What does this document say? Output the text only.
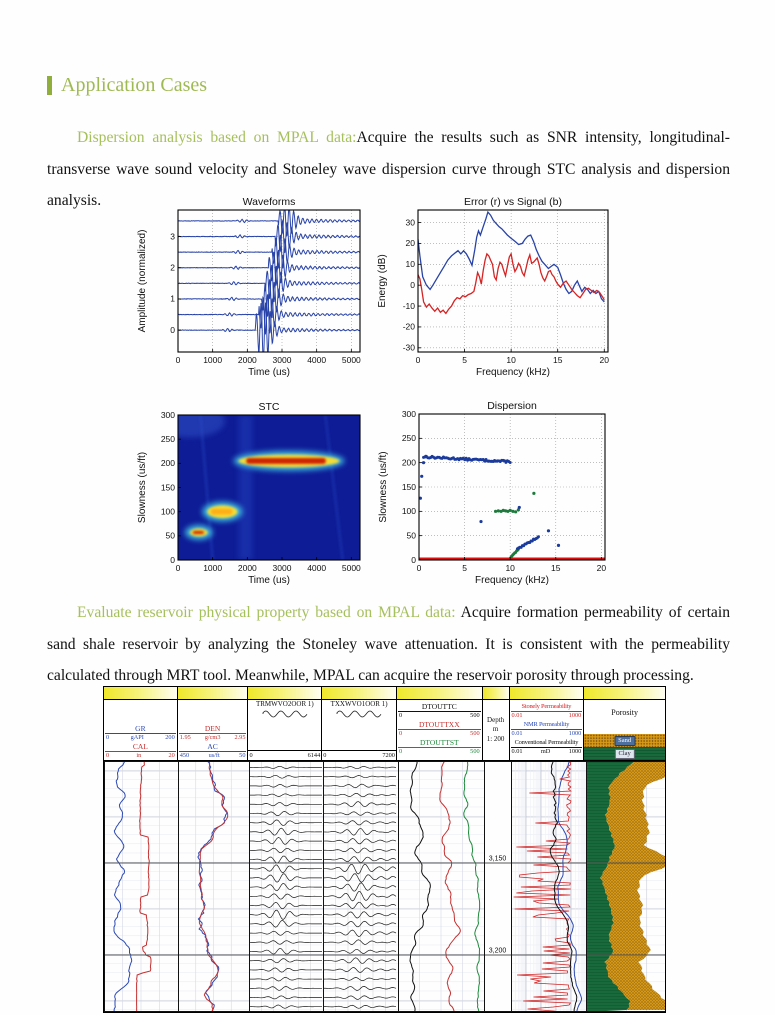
Application Cases

Dispersion analysis based on MPAL data:Acquire the results such as SNR intensity, longitudinal-transverse wave sound velocity and Stoneley wave dispersion curve through STC analysis and dispersion analysis.

0	1000 2000 3000 4000 5000
0
1
2
3
Waveforms
Time (us)
Amplitude (normalized)
0	5	10	15	20
-30
-20
-10
0
10
20
30
Error (r) vs Signal (b)
Frequency (kHz)
Energy (dB)
0	1000 2000 3000 4000 5000
0
50
100
150
200
250
300
STC
Time (us)
Slowness (us/ft)
0	5	10	15	20
0
50
100
150
200
250
300
Dispersion
Frequency (kHz)
Slowness (us/ft)

Evaluate reservoir physical property based on MPAL data: Acquire formation permeability of certain sand shale reservoir by analyzing the Stoneley wave attenuation. It is consistent with the permeability calculated through MRT tool. Meanwhile, MPAL can acquire the reservoir porosity through processing.

GR
0	gAPI	200
CAL
0	in	20
DEN
1.95 g/cm3 2.95
AC
450	us/ft	50
TRMWVO2OOR 1)
0	6144
TXXWVO1OOR 1)
0	7200
DTOUTTC
0	500
DTOUTTXX
0	500
DTOUTTST
0	500
Depth
m
1: 200
Stonely Permeability
0.01	1000
NMR Permeability
0.01	1000
Conventional Permeability
0.01	mD	1000
Porosity
Sand
Clay
3,150
3,200
